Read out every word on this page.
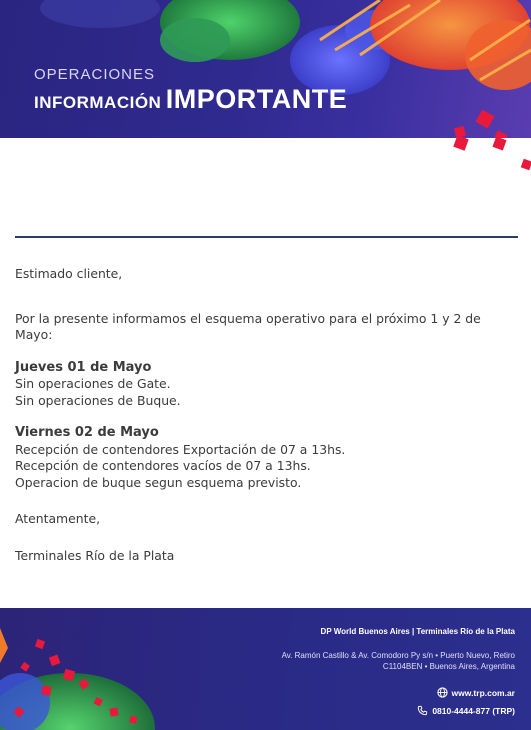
OPERACIONES
INFORMACIÓN IMPORTANTE

Estimado cliente,

Por la presente informamos el esquema operativo para el próximo 1 y 2 de Mayo:

Jueves 01 de Mayo

Sin operaciones de Gate.

Sin operaciones de Buque.

Viernes 02 de Mayo

Recepción de contendores Exportación de 07 a 13hs.

Recepción de contendores vacíos de 07 a 13hs.

Operacion de buque segun esquema previsto.

Atentamente,

Terminales Río de la Plata

DP World Buenos Aires | Terminales Río de la Plata
Av. Ramón Castillo & Av. Comodoro Py s/n • Puerto Nuevo, Retiro
C1104BEN • Buenos Aires, Argentina
www.trp.com.ar
0810-4444-877 (TRP)
